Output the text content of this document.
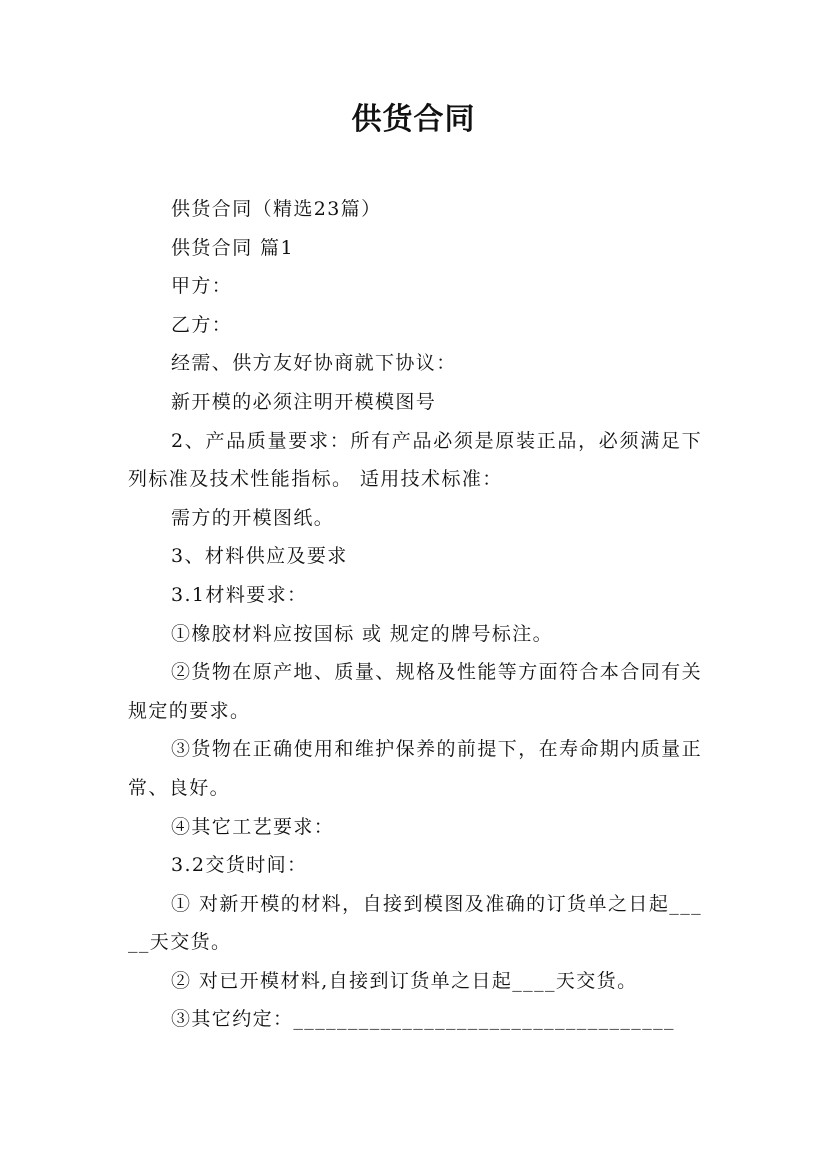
供货合同

供货合同（精选23篇）

供货合同 篇1

甲方：

乙方：

经需、供方友好协商就下协议：

新开模的必须注明开模模图号

2、产品质量要求：所有产品必须是原装正品，必须满足下列标准及技术性能指标。 适用技术标准：

需方的开模图纸。

3、材料供应及要求

3.1材料要求：

①橡胶材料应按国标 或 规定的牌号标注。

②货物在原产地、质量、规格及性能等方面符合本合同有关规定的要求。

③货物在正确使用和维护保养的前提下，在寿命期内质量正常、良好。

④其它工艺要求：

3.2交货时间：

① 对新开模的材料，自接到模图及准确的订货单之日起_____天交货。

② 对已开模材料,自接到订货单之日起____天交货。

③其它约定：___________________________________
